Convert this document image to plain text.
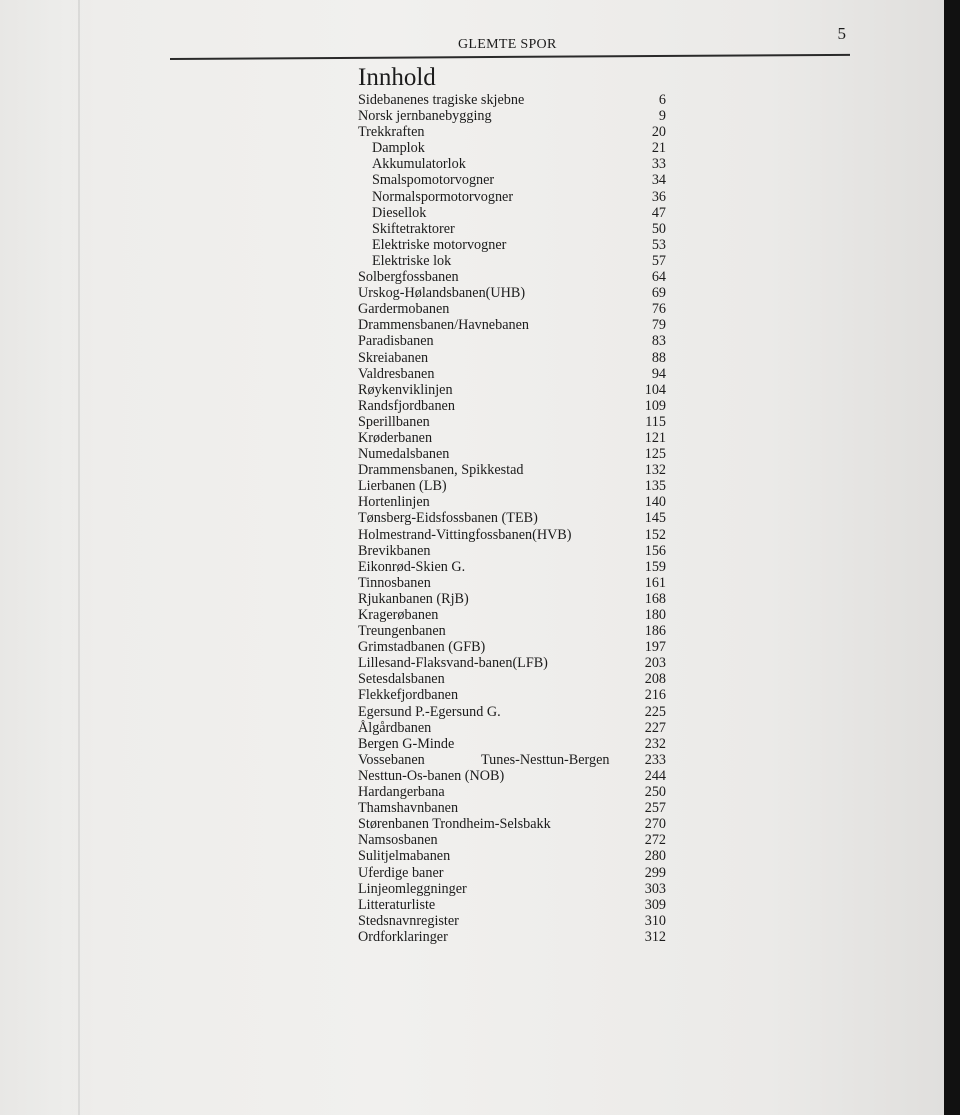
GLEMTE SPOR
5
Innhold
Sidebanenes tragiske skjebne	6
Norsk jernbanebygging	9
Trekkraften	20
Damplok	21
Akkumulatorlok	33
Smalspomotorvogner	34
Normalspormotorvogner	36
Diesellok	47
Skiftetraktorer	50
Elektriske motorvogner	53
Elektriske lok	57
Solbergfossbanen	64
Urskog-Hølandsbanen(UHB)	69
Gardermobanen	76
Drammensbanen/Havnebanen	79
Paradisbanen	83
Skreiabanen	88
Valdresbanen	94
Røykenviklinjen	104
Randsfjordbanen	109
Sperillbanen	115
Krøderbanen	121
Numedalsbanen	125
Drammensbanen, Spikkestad	132
Lierbanen (LB)	135
Hortenlinjen	140
Tønsberg-Eidsfossbanen (TEB)	145
Holmestrand-Vittingfossbanen(HVB)	152
Brevikbanen	156
Eikonrød-Skien G.	159
Tinnosbanen	161
Rjukanbanen (RjB)	168
Kragerøbanen	180
Treungenbanen	186
Grimstadbanen (GFB)	197
Lillesand-Flaksvand-banen(LFB)	203
Setesdalsbanen	208
Flekkefjordbanen	216
Egersund P.-Egersund G.	225
Ålgårdbanen	227
Bergen G-Minde	232
Vossebanen	Tunes-Nesttun-Bergen	233
Nesttun-Os-banen (NOB)	244
Hardangerbana	250
Thamshavnbanen	257
Størenbanen Trondheim-Selsbakk	270
Namsosbanen	272
Sulitjelmabanen	280
Uferdige baner	299
Linjeomleggninger	303
Litteraturliste	309
Stedsnavnregister	310
Ordforklaringer	312
